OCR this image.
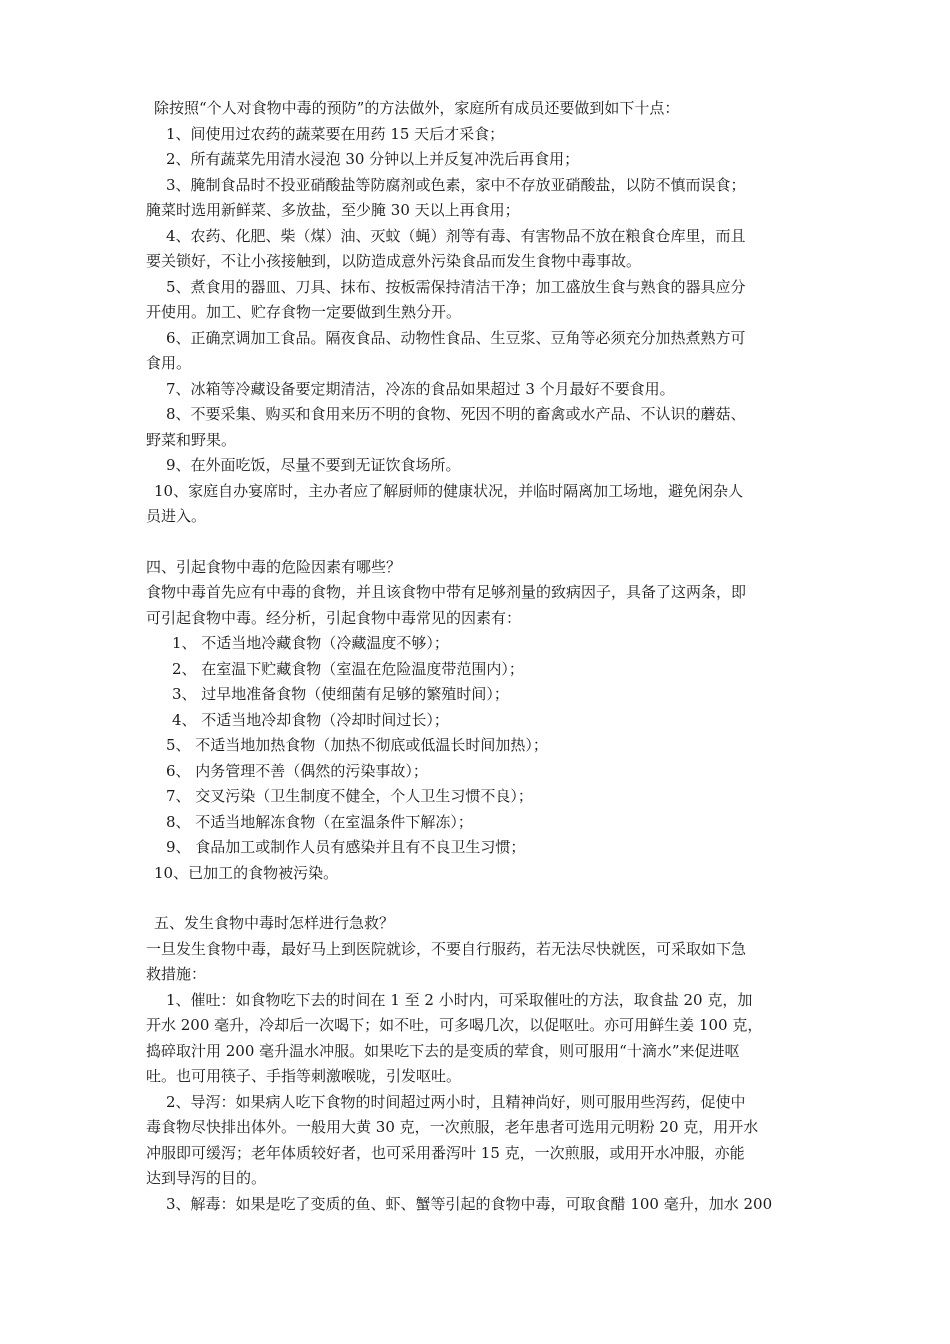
除按照“个人对食物中毒的预防”的方法做外，家庭所有成员还要做到如下十点：
1、间使用过农药的蔬菜要在用药 15 天后才采食；
2、所有蔬菜先用清水浸泡 30 分钟以上并反复冲洗后再食用；
3、腌制食品时不投亚硝酸盐等防腐剂或色素，家中不存放亚硝酸盐，以防不慎而误食；
腌菜时选用新鲜菜、多放盐，至少腌 30 天以上再食用；
4、农药、化肥、柴（煤）油、灭蚊（蝇）剂等有毒、有害物品不放在粮食仓库里，而且
要关锁好，不让小孩接触到，以防造成意外污染食品而发生食物中毒事故。
5、煮食用的器皿、刀具、抹布、按板需保持清洁干净；加工盛放生食与熟食的器具应分
开使用。加工、贮存食物一定要做到生熟分开。
6、正确烹调加工食品。隔夜食品、动物性食品、生豆浆、豆角等必须充分加热煮熟方可
食用。
7、冰箱等冷藏设备要定期清洁，冷冻的食品如果超过 3 个月最好不要食用。
8、不要采集、购买和食用来历不明的食物、死因不明的畜禽或水产品、不认识的蘑菇、
野菜和野果。
9、在外面吃饭，尽量不要到无证饮食场所。
10、家庭自办宴席时，主办者应了解厨师的健康状况，并临时隔离加工场地，避免闲杂人
员进入。
四、引起食物中毒的危险因素有哪些？
食物中毒首先应有中毒的食物，并且该食物中带有足够剂量的致病因子，具备了这两条，即
可引起食物中毒。经分析，引起食物中毒常见的因素有：
1、 不适当地冷藏食物（冷藏温度不够）；
2、 在室温下贮藏食物（室温在危险温度带范围内）；
3、 过早地准备食物（使细菌有足够的繁殖时间）；
4、 不适当地冷却食物（冷却时间过长）；
5、 不适当地加热食物（加热不彻底或低温长时间加热）；
6、 内务管理不善（偶然的污染事故）；
7、 交叉污染（卫生制度不健全，个人卫生习惯不良）；
8、 不适当地解冻食物（在室温条件下解冻）；
9、 食品加工或制作人员有感染并且有不良卫生习惯；
10、已加工的食物被污染。
五、发生食物中毒时怎样进行急救？
一旦发生食物中毒，最好马上到医院就诊，不要自行服药，若无法尽快就医，可采取如下急
救措施：
1、催吐：如食物吃下去的时间在 1 至 2 小时内，可采取催吐的方法，取食盐 20 克，加
开水 200 毫升，冷却后一次喝下；如不吐，可多喝几次，以促呕吐。亦可用鲜生姜 100 克，
捣碎取汁用 200 毫升温水冲服。如果吃下去的是变质的荤食，则可服用“十滴水”来促进呕
吐。也可用筷子、手指等刺激喉咙，引发呕吐。
2、导泻：如果病人吃下食物的时间超过两小时，且精神尚好，则可服用些泻药，促使中
毒食物尽快排出体外。一般用大黄 30 克，一次煎服，老年患者可选用元明粉 20 克，用开水
冲服即可缓泻；老年体质较好者，也可采用番泻叶 15 克，一次煎服，或用开水冲服，亦能
达到导泻的目的。
3、解毒：如果是吃了变质的鱼、虾、蟹等引起的食物中毒，可取食醋 100 毫升，加水 200
